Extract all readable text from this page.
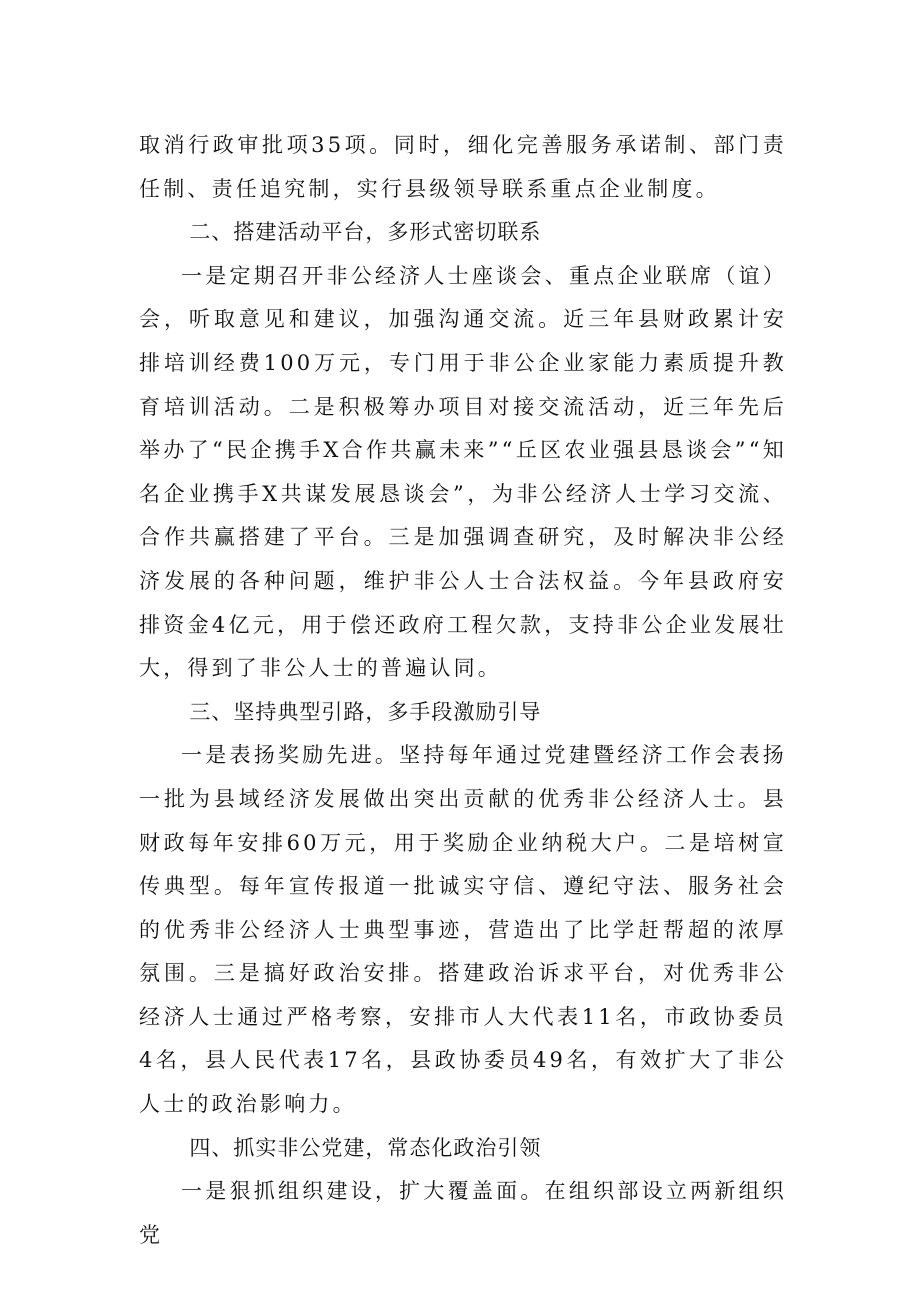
取消行政审批项35项。同时，细化完善服务承诺制、部门责任制、责任追究制，实行县级领导联系重点企业制度。

二、搭建活动平台，多形式密切联系

一是定期召开非公经济人士座谈会、重点企业联席（谊）会，听取意见和建议，加强沟通交流。近三年县财政累计安排培训经费100万元，专门用于非公企业家能力素质提升教育培训活动。二是积极筹办项目对接交流活动，近三年先后举办了“民企携手X合作共赢未来”“丘区农业强县恳谈会”“知名企业携手X共谋发展恳谈会”，为非公经济人士学习交流、合作共赢搭建了平台。三是加强调查研究，及时解决非公经济发展的各种问题，维护非公人士合法权益。今年县政府安排资金4亿元，用于偿还政府工程欠款，支持非公企业发展壮大，得到了非公人士的普遍认同。

三、坚持典型引路，多手段激励引导

一是表扬奖励先进。坚持每年通过党建暨经济工作会表扬一批为县域经济发展做出突出贡献的优秀非公经济人士。县财政每年安排60万元，用于奖励企业纳税大户。二是培树宣传典型。每年宣传报道一批诚实守信、遵纪守法、服务社会的优秀非公经济人士典型事迹，营造出了比学赶帮超的浓厚氛围。三是搞好政治安排。搭建政治诉求平台，对优秀非公经济人士通过严格考察，安排市人大代表11名，市政协委员4名，县人民代表17名，县政协委员49名，有效扩大了非公人士的政治影响力。

四、抓实非公党建，常态化政治引领

一是狠抓组织建设，扩大覆盖面。在组织部设立两新组织党
